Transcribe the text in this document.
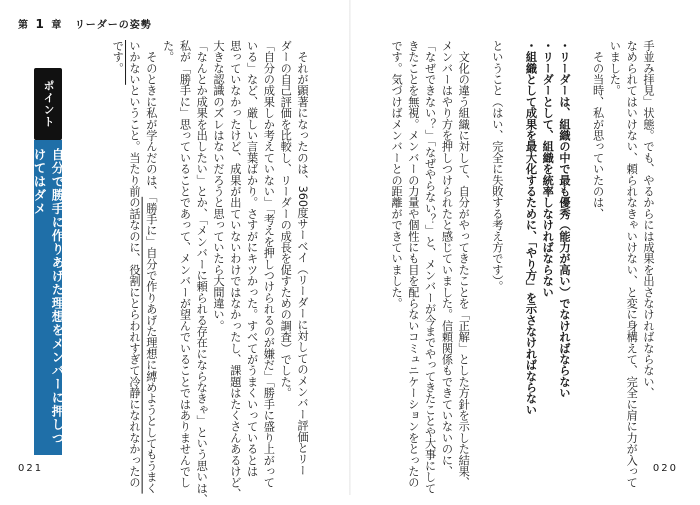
第 1 章 リーダーの姿勢
手並み拝見」状態。でも、やるからには成果を出さなければならない、
なめられてはいけない、頼られなきゃいけない、と変に身構えて、完全に肩に力が入って
いました。
　その当時、私が思っていたのは、

・リーダーは、組織の中で最も優秀（能力が高い）でなければならない
・リーダーとして、組織を統率しなければならない
・組織として成果を最大化するために、「やり方」を示さなければならない

ということ（はい、完全に失敗する考え方です）。

　文化の違う組織に対して、自分がやってきたことを「正解」とした方針を示した結果、
メンバーはやり方を押しつけられたと感じていました。信頼関係もできていないのに、
「なぜできない？」「なぜやらない？」と、メンバーが今までやってきたことや大事にして
きたことを無視。メンバーの力量や個性にも目を配らないコミュニケーションをとったの
です。気づけばメンバーとの距離ができていました。
　それが顕著になったのは、360度サーベイ（リーダーに対してのメンバー評価とリー
ダーの自己評価を比較し、リーダーの成長を促すための調査）でした。
「自分の成果しか考えていない」「考えを押しつけられるのが嫌だ」「勝手に盛り上がって
いる」など、厳しい言葉ばかり。さすがにキツかった。すべてがうまくいっているとは
思っていなかったけど、成果が出ていないわけではなかったし、課題はたくさんあるけど、
大きな認識のズレはないだろうと思っていたら大間違い。
「なんとか成果を出したい」とか、「メンバーに頼られる存在にならなきゃ」という思いは、
私が「勝手に」思っていることであって、メンバーが望んでいることではありませんでし
た。
　そのときに私が学んだのは、「勝手に」自分で作りあげた理想に縛めようとしてもうまく
いかないということ。当たり前の話なのに、役割にとらわれすぎて冷静になれなかったの
です。
ポイント
自分で勝手に作りあげた理想をメンバーに押しつけてはダメ
021	020
